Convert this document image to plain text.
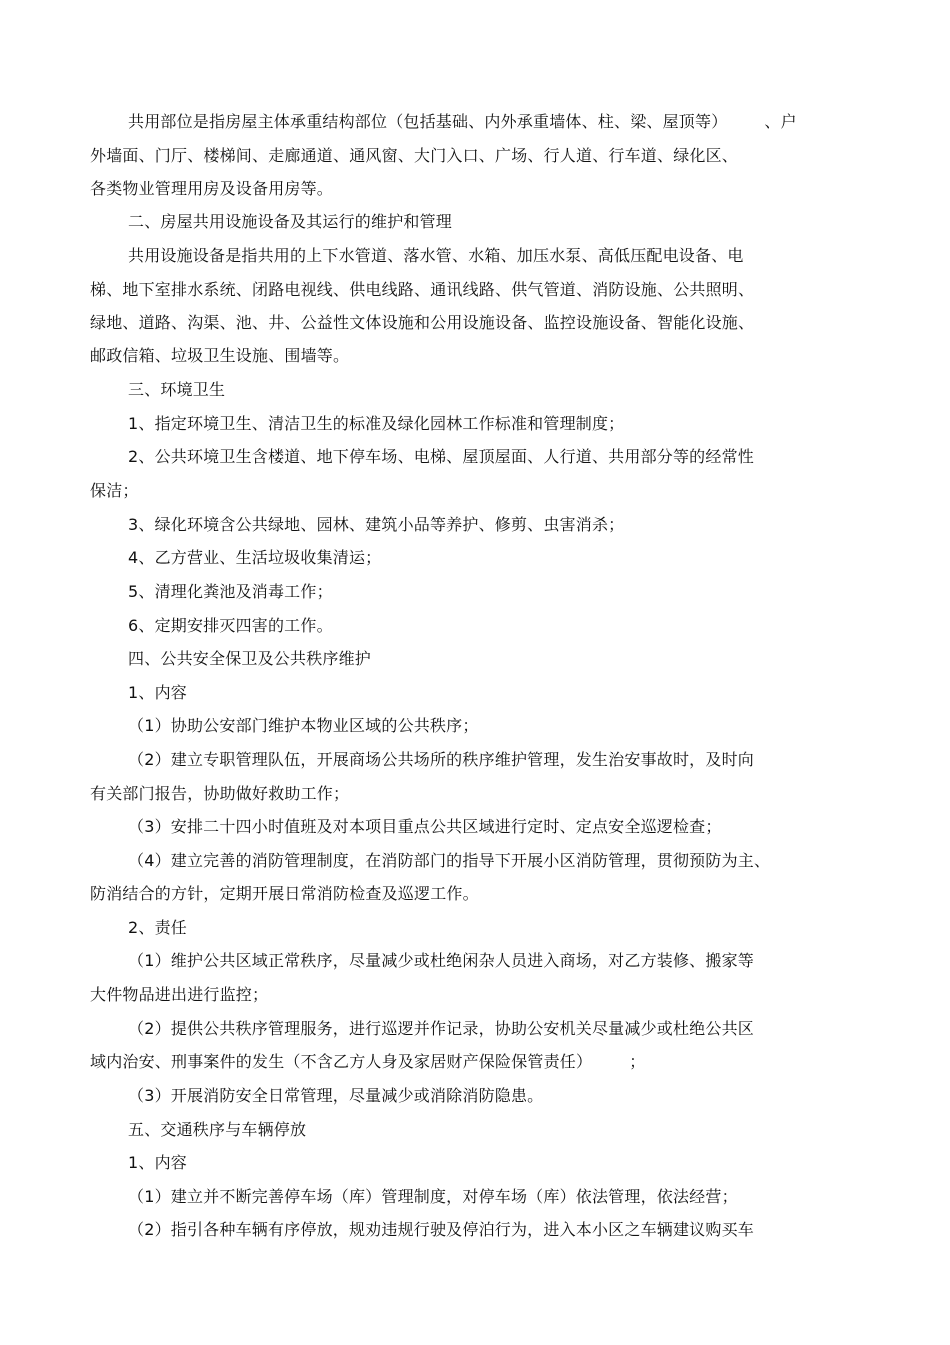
共用部位是指房屋主体承重结构部位（包括基础、内外承重墙体、柱、梁、屋顶等）       、户
外墙面、门厅、楼梯间、走廊通道、通风窗、大门入口、广场、行人道、行车道、绿化区、
各类物业管理用房及设备用房等。
二、房屋共用设施设备及其运行的维护和管理
共用设施设备是指共用的上下水管道、落水管、水箱、加压水泵、高低压配电设备、电
梯、地下室排水系统、闭路电视线、供电线路、通讯线路、供气管道、消防设施、公共照明、
绿地、道路、沟渠、池、井、公益性文体设施和公用设施设备、监控设施设备、智能化设施、
邮政信箱、垃圾卫生设施、围墙等。
三、环境卫生
1、指定环境卫生、清洁卫生的标准及绿化园林工作标准和管理制度；
2、公共环境卫生含楼道、地下停车场、电梯、屋顶屋面、人行道、共用部分等的经常性
保洁；
3、绿化环境含公共绿地、园林、建筑小品等养护、修剪、虫害消杀；
4、乙方营业、生活垃圾收集清运；
5、清理化粪池及消毒工作；
6、定期安排灭四害的工作。
四、公共安全保卫及公共秩序维护
1、内容
（1）协助公安部门维护本物业区域的公共秩序；
（2）建立专职管理队伍，开展商场公共场所的秩序维护管理，发生治安事故时，及时向
有关部门报告，协助做好救助工作；
（3）安排二十四小时值班及对本项目重点公共区域进行定时、定点安全巡逻检查；
（4）建立完善的消防管理制度，在消防部门的指导下开展小区消防管理，贯彻预防为主、
防消结合的方针，定期开展日常消防检查及巡逻工作。
2、责任
（1）维护公共区域正常秩序，尽量减少或杜绝闲杂人员进入商场，对乙方装修、搬家等
大件物品进出进行监控；
（2）提供公共秩序管理服务，进行巡逻并作记录，协助公安机关尽量减少或杜绝公共区
域内治安、刑事案件的发生（不含乙方人身及家居财产保险保管责任）       ；
（3）开展消防安全日常管理，尽量减少或消除消防隐患。
五、交通秩序与车辆停放
1、内容
（1）建立并不断完善停车场（库）管理制度，对停车场（库）依法管理，依法经营；
（2）指引各种车辆有序停放，规劝违规行驶及停泊行为，进入本小区之车辆建议购买车
